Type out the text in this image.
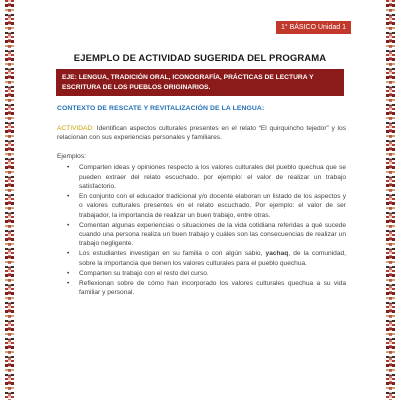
1° BÁSICO Unidad 1
EJEMPLO DE ACTIVIDAD SUGERIDA DEL PROGRAMA
EJE: LENGUA, TRADICIÓN ORAL, ICONOGRAFÍA, PRÁCTICAS DE LECTURA Y ESCRITURA DE LOS PUEBLOS ORIGINARIOS.
CONTEXTO DE RESCATE Y REVITALIZACIÓN DE LA LENGUA:

ACTIVIDAD: Identifican aspectos culturales presentes en el relato “El quirquincho tejedor” y los relacionan con sus experiencias personales y familiares.

Ejemplos:
• Comparten ideas y opiniones respecto a los valores culturales del pueblo quechua que se pueden extraer del relato escuchado, por ejemplo: el valor de realizar un trabajo satisfactorio.
• En conjunto con el educador tradicional y/o docente elaboran un listado de los aspectos y o valores culturales presentes en el relato escuchado. Por ejemplo: el valor de ser trabajador, la importancia de realizar un buen trabajo, entre otras.
• Comentan algunas experiencias o situaciones de la vida cotidiana referidas a qué sucede cuando una persona realiza un buen trabajo y cuáles son las consecuencias de realizar un trabajo negligente.
• Los estudiantes investigan en su familia o con algún sabio, yachaq, de la comunidad, sobre la importancia que tienen los valores culturales para el pueblo quechua.
• Comparten su trabajo con el resto del curso.
• Reflexionan sobre de cómo han incorporado los valores culturales quechua a su vida familiar y personal.
